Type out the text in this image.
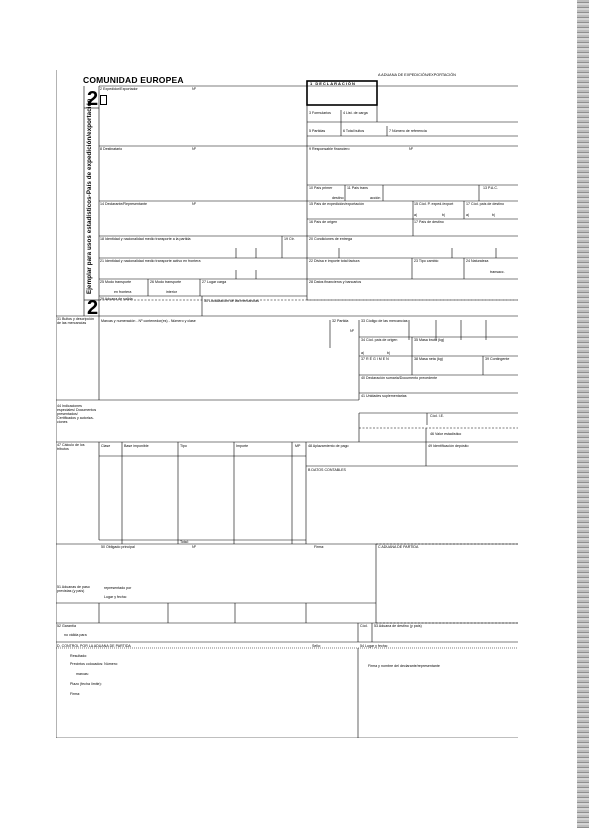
COMUNIDAD EUROPEA	A ADUANA DE EXPEDICIÓN/EXPORTACIÓN
2
2
Ejemplar para usos estadísticos-País de expedición/exportación
2 Expedidor/Exportador	Nº
1 DECLARACIÓN
3 Formularios	4 List. de carga
5 Partidas	6 Total bultos	7 Número de referencia
8 Destinatario	Nº	9 Responsable financiero	Nº
10 País primer	11 País trans
destino	acción
13 P.A.C.
14 Declarante/Representante	Nº	15 País de expedición/exportación	15 Cód. P. exped./export	17 Cód. país de destino
a|	b|	a|	b|
16 País de origen	17 País de destino
18 Identidad y nacionalidad medio transporte a la partida	19 Ctr.	20 Condiciones de entrega
21 Identidad y nacionalidad medio transporte activo en frontera	22 Divisa e importe total factura	23 Tipo cambio	24 Naturaleza
transacc.
25 Modo transporte
en frontera
26 Modo transporte
interior
27 Lugar carga	28 Datos financieros y bancarios
29 Aduana de salida	30 Localización de las mercancías
31 Bultos y descripción de las mercancías	Marcas y numeración - Nº contenedor(es) - Número y clase	32 Partida
Nº
33 Código de las mercancías
34 Cód. país de origen
a|	b|
35 Masa bruta (kg)
37 R É G I M E N	38 Masa neta (kg)	39 Contingente
40 Declaración sumaria/Documento precedente
41 Unidades suplementarias
44 Indicaciones especiales/ Documentos presentados/ Certificados y autoriza- ciones
Cód. I.E.
46 Valor estadístico
47 Cálculo de los tributos
Clase	Base imponible	Tipo	Importe	MP
Total:
48 Aplazamiento de pago	49 Identificación depósito
B DATOS CONTABLES
50 Obligado principal	Nº	Firma:	C ADUANA DE PARTIDA
51 Aduanas de paso previstas (y país)
representado por
Lugar y fecha:
52 Garantía
no válida para
Cód. 53 Aduana de destino (y país)
D. CONTROL POR LA ADUANA DE PARTIDA	Sello:	54 Lugar y fecha:
Firma y nombre del declarante/representante
Resultado:
Precintos colocados: Número:
marcas:
Plazo (fecha límite):
Firma:
